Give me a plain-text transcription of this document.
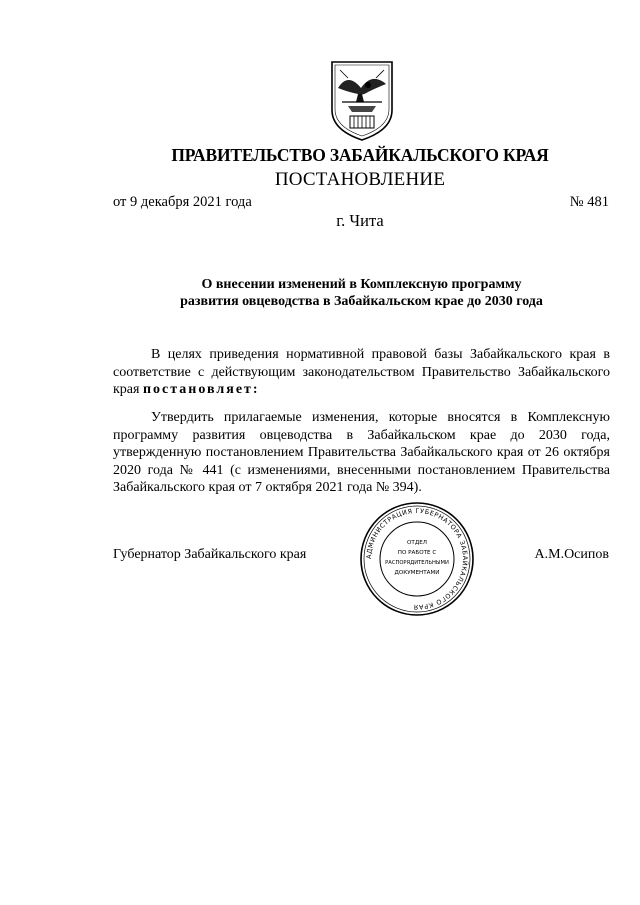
ПРАВИТЕЛЬСТВО ЗАБАЙКАЛЬСКОГО КРАЯ
ПОСТАНОВЛЕНИЕ
от 9 декабря 2021 года	№ 481
г. Чита
О внесении изменений в Комплексную программу
развития овцеводства в Забайкальском крае до 2030 года
В целях приведения нормативной правовой базы Забайкальского края в соответствие с действующим законодательством Правительство Забайкальского края постановляет:
Утвердить прилагаемые изменения, которые вносятся в Комплексную программу развития овцеводства в Забайкальском крае до 2030 года, утвержденную постановлением Правительства Забайкальского края от 26 октября 2020 года № 441 (с изменениями, внесенными постановлением Правительства Забайкальского края от 7 октября 2021 года № 394).
Губернатор Забайкальского края	А.М.Осипов
АДМИНИСТРАЦИЯ ГУБЕРНАТОРА ЗАБАЙКАЛЬСКОГО КРАЯ
ОТДЕЛ
ПО РАБОТЕ С
РАСПОРЯДИТЕЛЬНЫМИ
ДОКУМЕНТАМИ
